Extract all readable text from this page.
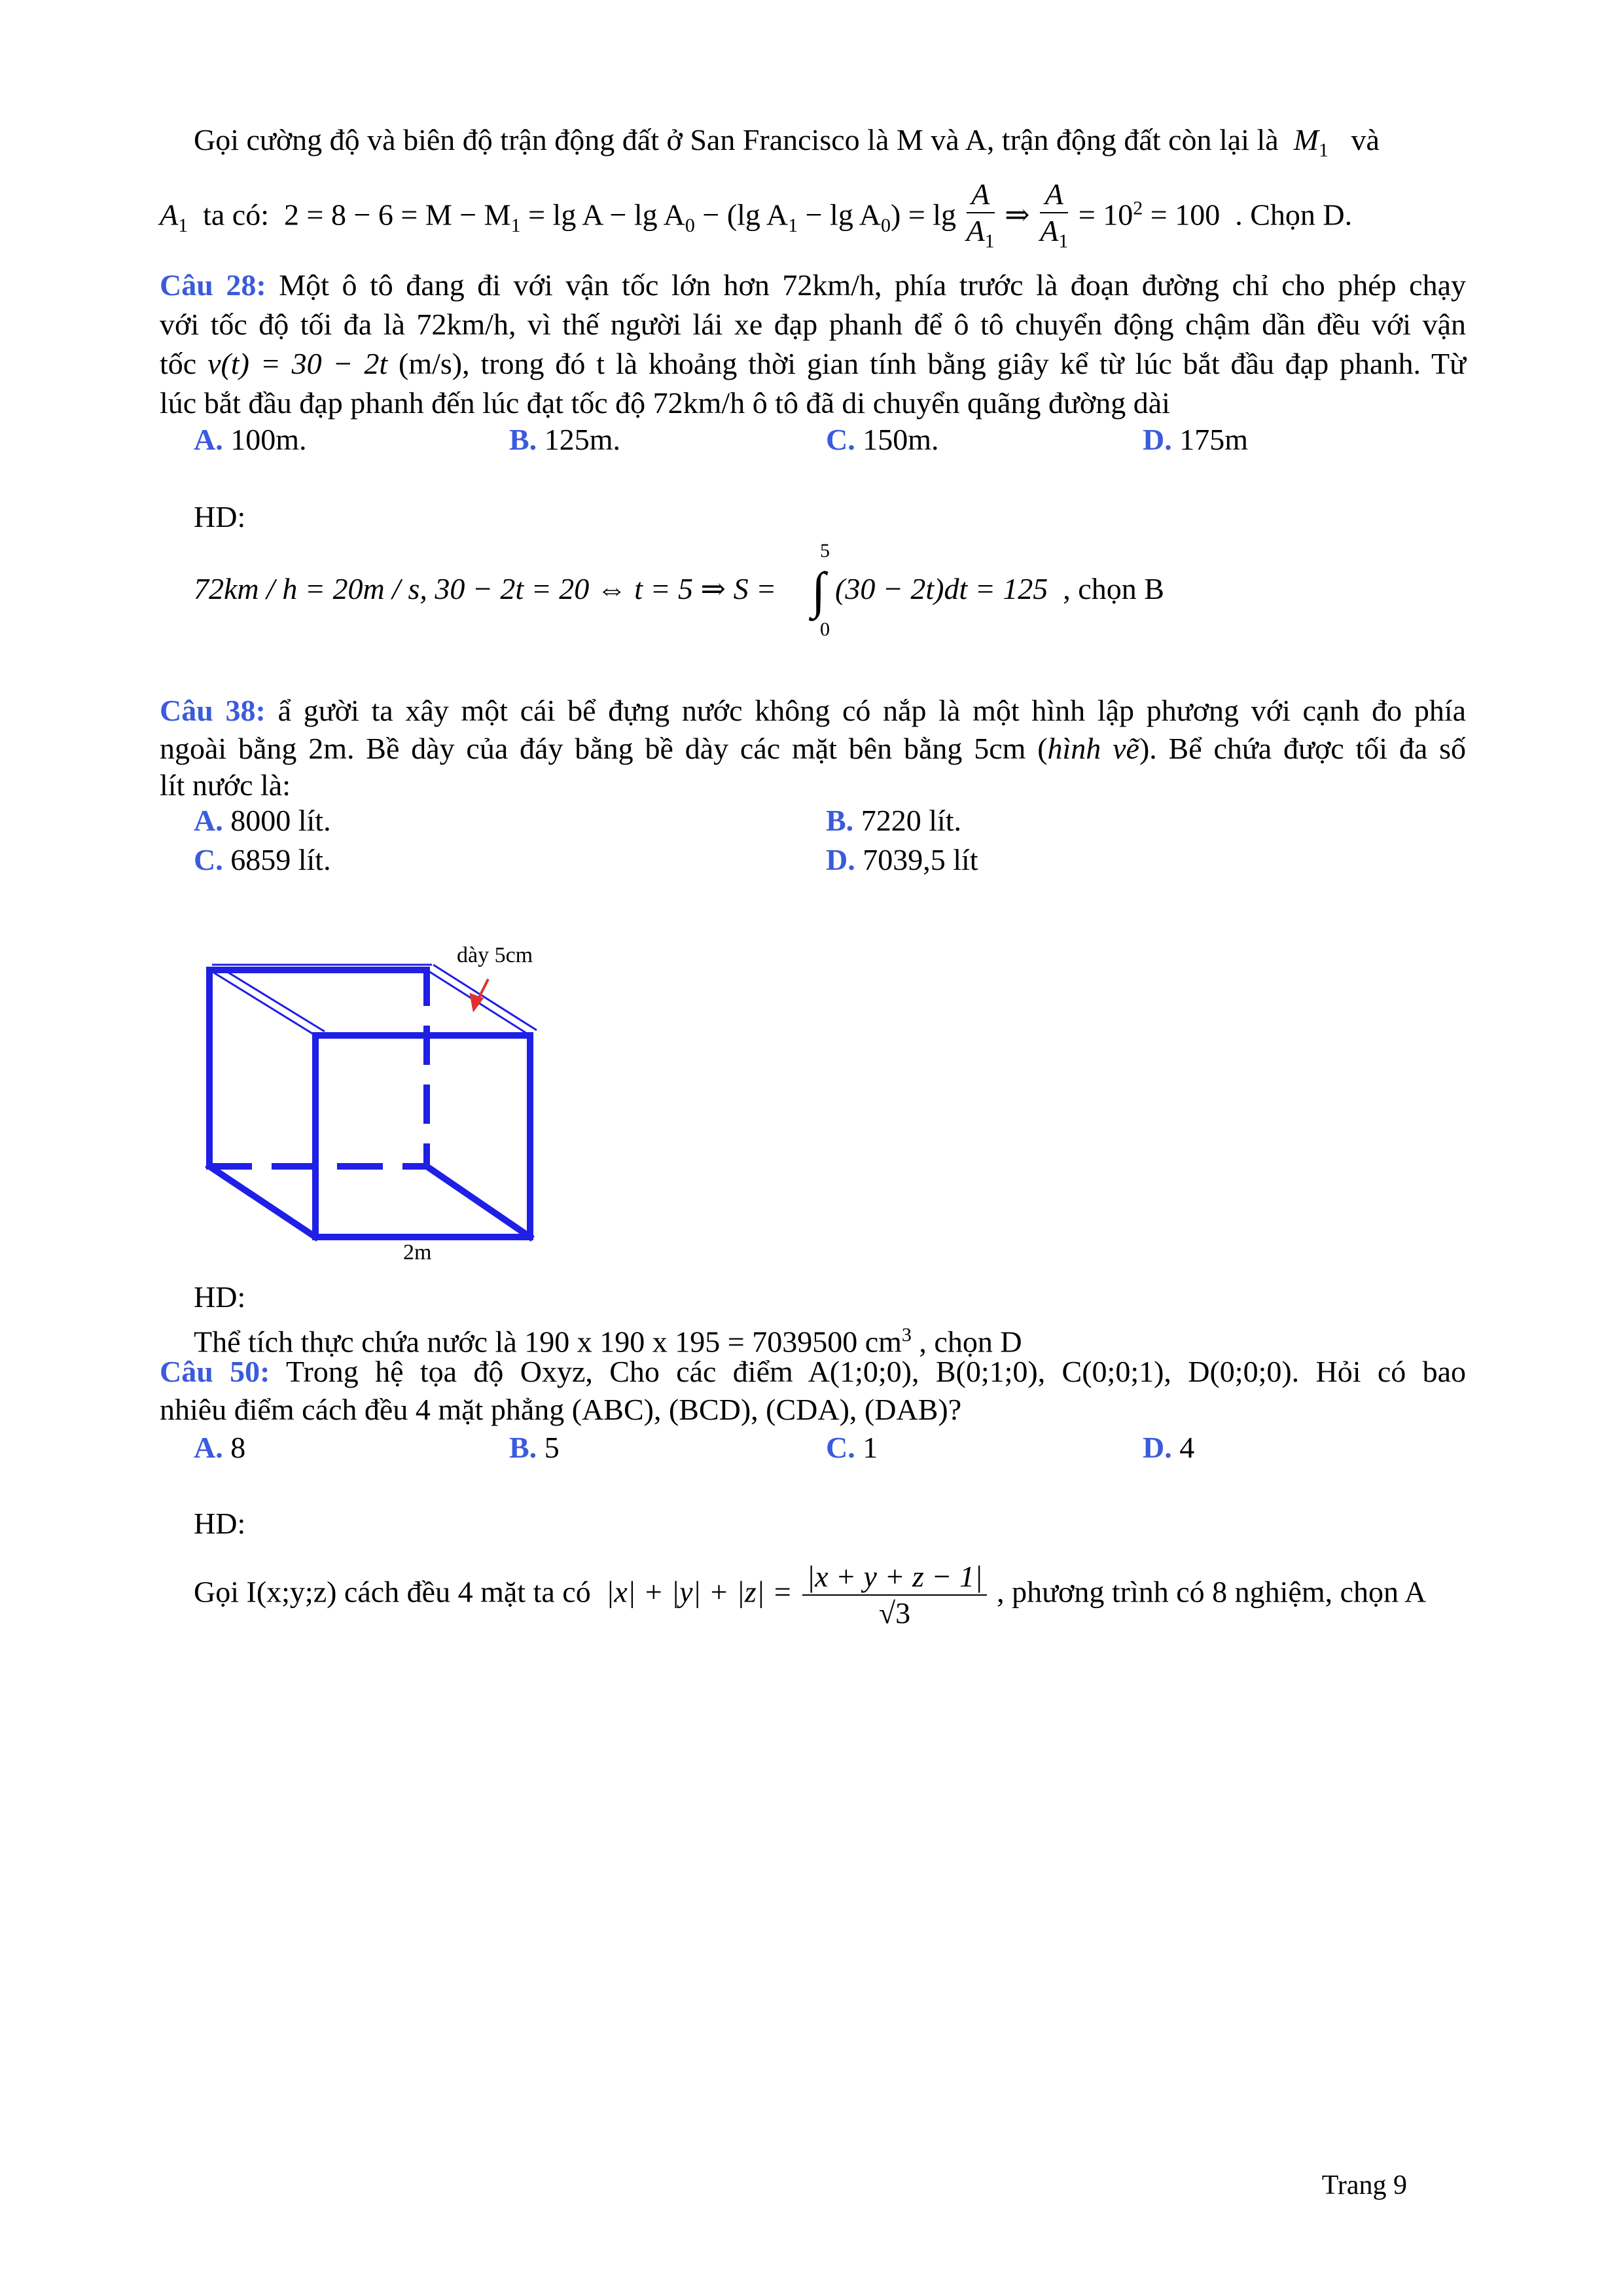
Gọi cường độ và biên độ trận động đất ở San Francisco là M và A, trận động đất còn lại là $M_1$ và
$A_1$ ta có: $2 = 8 - 6 = M - M_1 = \lg A - \lg A_0 - (\lg$ $A_1 - \lg A_0) = \lg \frac{A}{A_1}$ ⇒ $\frac{A}{A_1} = 10^2 = 100$ . Chọn D.
Câu 28: Một ô tô đang đi với vận tốc lớn hơn 72km/h, phía trước là đoạn đường chỉ cho phép chạy
với tốc độ tối đa là 72km/h, vì thế người lái xe đạp phanh để ô tô chuyển động chậm dần đều với vận
tốc v(t) = 30 − 2t (m/s), trong đó t là khoảng thời gian tính bằng giây kể từ lúc bắt đầu đạp phanh. Từ
lúc bắt đầu đạp phanh đến lúc đạt tốc độ 72km/h ô tô đã di chuyển quãng đường dài
A. 100m.	B. 125m.	C. 150m.	D. 175m
HD:
72km / h = 20m / s, 30 − 2t = 20 ⇔ t = 5 ⇒ S =
5
∫
0
(30 − 2t)dt = 125 , chọn B
Câu 38: ẩ gười ta xây một cái bể đựng nước không có nắp là một hình lập phương với cạnh đo phía
ngoài bằng 2m. Bề dày của đáy bằng bề dày các mặt bên bằng 5cm (hình vẽ). Bể chứa được tối đa số
lít nước là:
A. 8000 lít.	B. 7220 lít.
C. 6859 lít.	D. 7039,5 lít
dày 5cm
2m
HD:
Thể tích thực chứa nước là 190 x 190 x 195 = 7039500 $cm^3$ , chọn D
Câu 50: Trong hệ tọa độ Oxyz, Cho các điểm A(1;0;0), B(0;1;0), C(0;0;1), D(0;0;0). Hỏi có bao
nhiêu điểm cách đều 4 mặt phẳng (ABC), (BCD), (CDA), (DAB)?
A. 8	B. 5	C. 1	D. 4
HD:
Gọi I(x;y;z) cách đều 4 mặt ta có $|x| + |y| + |z| = \frac{|x + y + z - 1|}{√3}$ , phương trình có 8 nghiệm, chọn A
Trang 9
